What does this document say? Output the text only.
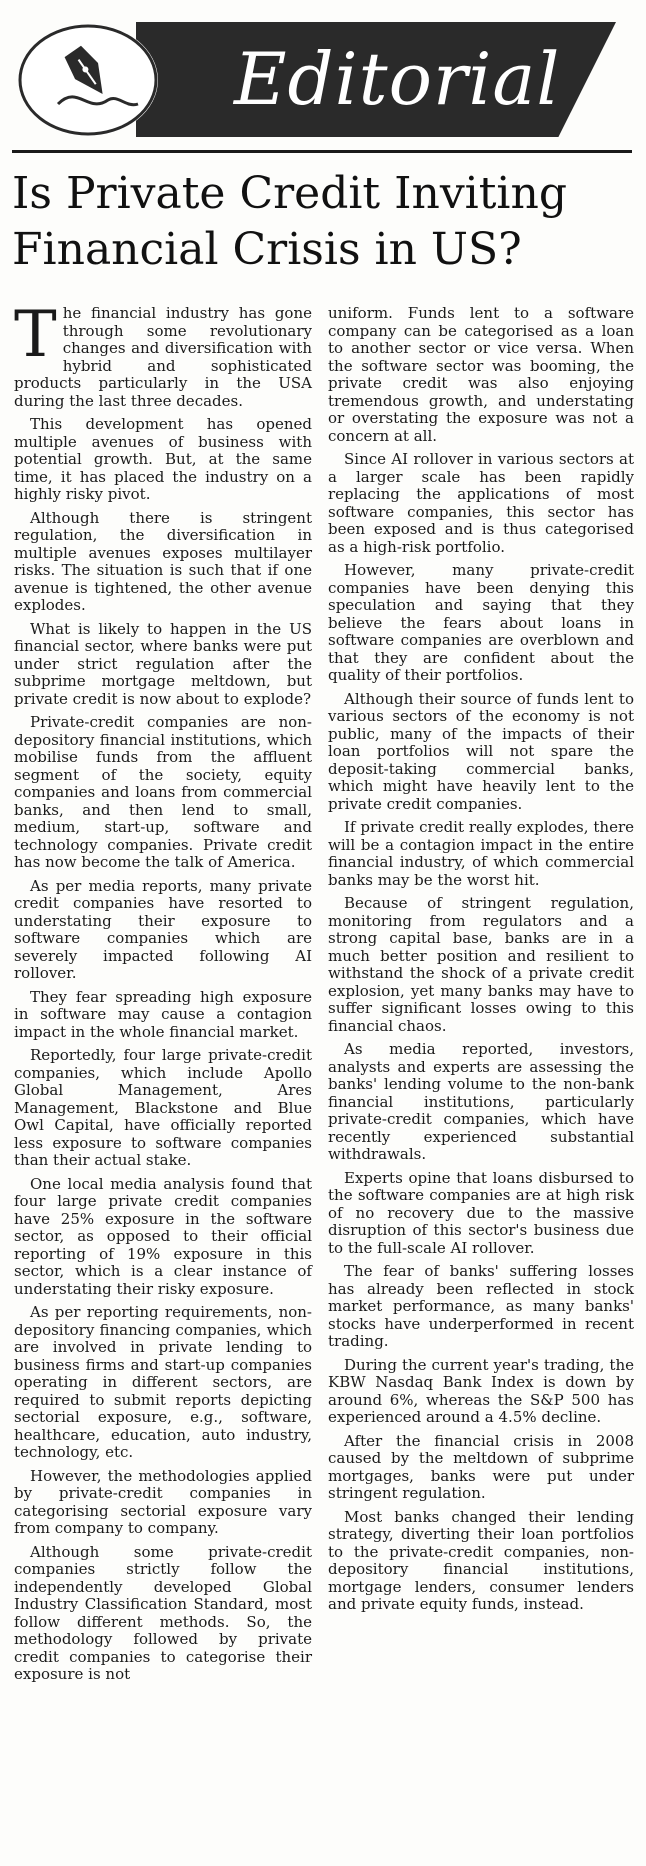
Editorial
Is Private Credit Inviting
Financial Crisis in US?

The financial industry has gone through some revolutionary changes and diversification with hybrid and sophisticated products particularly in the USA during the last three decades.

This development has opened multiple avenues of business with potential growth. But, at the same time, it has placed the industry on a highly risky pivot.

Although there is stringent regulation, the diversification in multiple avenues exposes multilayer risks. The situation is such that if one avenue is tightened, the other avenue explodes.

What is likely to happen in the US financial sector, where banks were put under strict regulation after the subprime mortgage meltdown, but private credit is now about to explode?

Private-credit companies are non-depository financial institutions, which mobilise funds from the affluent segment of the society, equity companies and loans from commercial banks, and then lend to small, medium, start-up, software and technology companies. Private credit has now become the talk of America.

As per media reports, many private credit companies have resorted to understating their exposure to software companies which are severely impacted following AI rollover.

They fear spreading high exposure in software may cause a contagion impact in the whole financial market.

Reportedly, four large private-credit companies, which include Apollo Global Management, Ares Management, Blackstone and Blue Owl Capital, have officially reported less exposure to software companies than their actual stake.

One local media analysis found that four large private credit companies have 25% exposure in the software sector, as opposed to their official reporting of 19% exposure in this sector, which is a clear instance of understating their risky exposure.

As per reporting requirements, non-depository financing companies, which are involved in private lending to business firms and start-up companies operating in different sectors, are required to submit reports depicting sectorial exposure, e.g., software, healthcare, education, auto industry, technology, etc.

However, the methodologies applied by private-credit companies in categorising sectorial exposure vary from company to company.

Although some private-credit companies strictly follow the independently developed Global Industry Classification Standard, most follow different methods. So, the methodology followed by private credit companies to categorise their exposure is not

uniform. Funds lent to a software company can be categorised as a loan to another sector or vice versa. When the software sector was booming, the private credit was also enjoying tremendous growth, and understating or overstating the exposure was not a concern at all.

Since AI rollover in various sectors at a larger scale has been rapidly replacing the applications of most software companies, this sector has been exposed and is thus categorised as a high-risk portfolio.

However, many private-credit companies have been denying this speculation and saying that they believe the fears about loans in software companies are overblown and that they are confident about the quality of their portfolios.

Although their source of funds lent to various sectors of the economy is not public, many of the impacts of their loan portfolios will not spare the deposit-taking commercial banks, which might have heavily lent to the private credit companies.

If private credit really explodes, there will be a contagion impact in the entire financial industry, of which commercial banks may be the worst hit.

Because of stringent regulation, monitoring from regulators and a strong capital base, banks are in a much better position and resilient to withstand the shock of a private credit explosion, yet many banks may have to suffer significant losses owing to this financial chaos.

As media reported, investors, analysts and experts are assessing the banks' lending volume to the non-bank financial institutions, particularly private-credit companies, which have recently experienced substantial withdrawals.

Experts opine that loans disbursed to the software companies are at high risk of no recovery due to the massive disruption of this sector's business due to the full-scale AI rollover.

The fear of banks' suffering losses has already been reflected in stock market performance, as many banks' stocks have underperformed in recent trading.

During the current year's trading, the KBW Nasdaq Bank Index is down by around 6%, whereas the S&P 500 has experienced around a 4.5% decline.

After the financial crisis in 2008 caused by the meltdown of subprime mortgages, banks were put under stringent regulation.

Most banks changed their lending strategy, diverting their loan portfolios to the private-credit companies, non-depository financial institutions, mortgage lenders, consumer lenders and private equity funds, instead.
